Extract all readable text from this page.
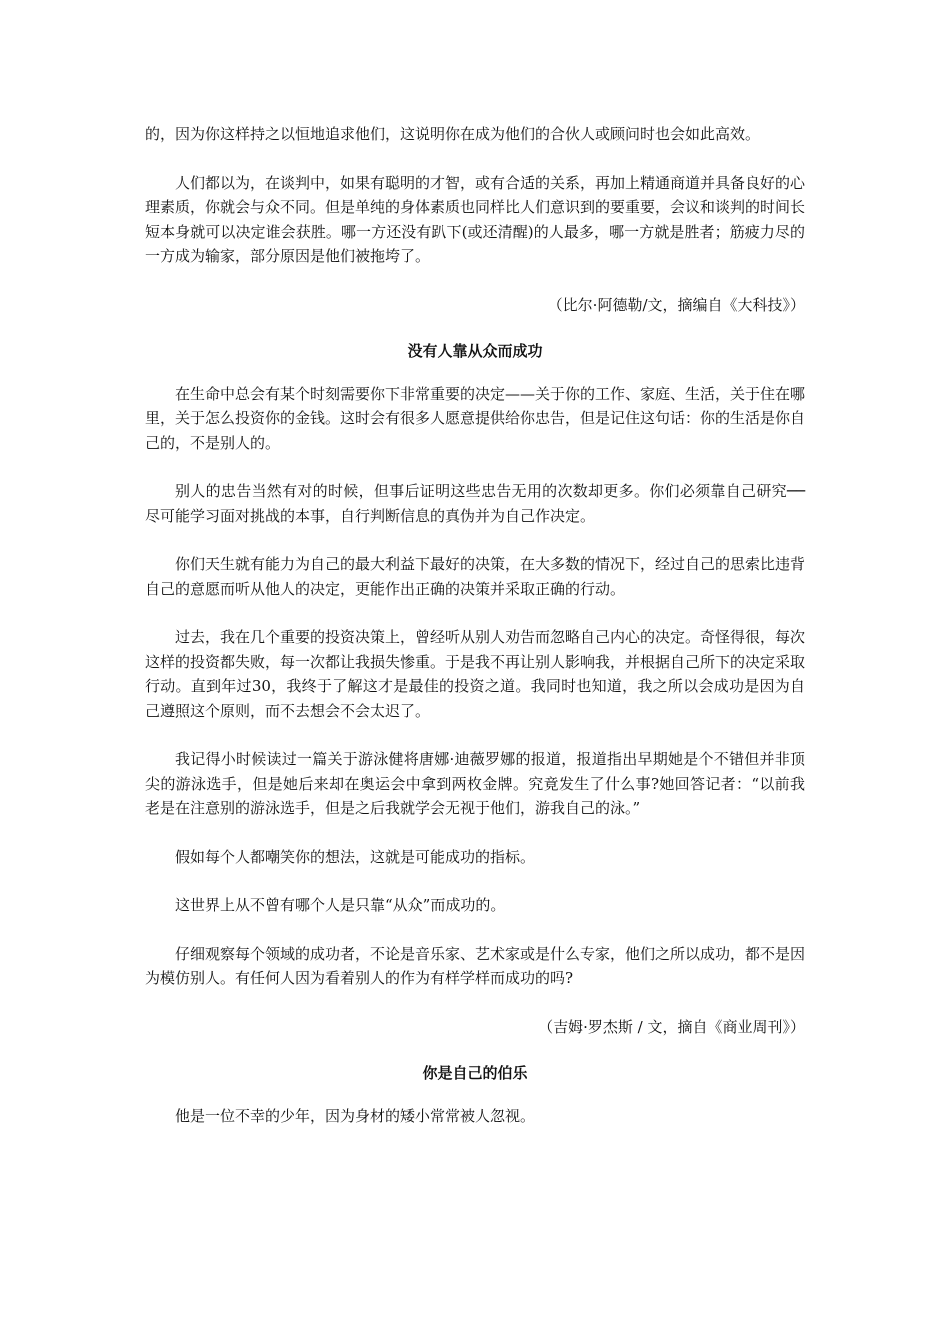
的，因为你这样持之以恒地追求他们，这说明你在成为他们的合伙人或顾问时也会如此高效。

人们都以为，在谈判中，如果有聪明的才智，或有合适的关系，再加上精通商道并具备良好的心理素质，你就会与众不同。但是单纯的身体素质也同样比人们意识到的要重要，会议和谈判的时间长短本身就可以决定谁会获胜。哪一方还没有趴下(或还清醒)的人最多，哪一方就是胜者；筋疲力尽的一方成为输家，部分原因是他们被拖垮了。

（比尔·阿德勒/文，摘编自《大科技》）

没有人靠从众而成功

在生命中总会有某个时刻需要你下非常重要的决定——关于你的工作、家庭、生活，关于住在哪里，关于怎么投资你的金钱。这时会有很多人愿意提供给你忠告，但是记住这句话：你的生活是你自己的，不是别人的。

别人的忠告当然有对的时候，但事后证明这些忠告无用的次数却更多。你们必须靠自己研究──尽可能学习面对挑战的本事，自行判断信息的真伪并为自己作决定。

你们天生就有能力为自己的最大利益下最好的决策，在大多数的情况下，经过自己的思索比违背自己的意愿而听从他人的决定，更能作出正确的决策并采取正确的行动。

过去，我在几个重要的投资决策上，曾经听从别人劝告而忽略自己内心的决定。奇怪得很，每次这样的投资都失败，每一次都让我损失惨重。于是我不再让别人影响我，并根据自己所下的决定采取行动。直到年过30，我终于了解这才是最佳的投资之道。我同时也知道，我之所以会成功是因为自己遵照这个原则，而不去想会不会太迟了。

我记得小时候读过一篇关于游泳健将唐娜·迪薇罗娜的报道，报道指出早期她是个不错但并非顶尖的游泳选手，但是她后来却在奥运会中拿到两枚金牌。究竟发生了什么事?她回答记者：“以前我老是在注意别的游泳选手，但是之后我就学会无视于他们，游我自己的泳。”

假如每个人都嘲笑你的想法，这就是可能成功的指标。

这世界上从不曾有哪个人是只靠“从众”而成功的。

仔细观察每个领域的成功者，不论是音乐家、艺术家或是什么专家，他们之所以成功，都不是因为模仿别人。有任何人因为看着别人的作为有样学样而成功的吗?

（吉姆·罗杰斯 / 文，摘自《商业周刊》）

你是自己的伯乐

他是一位不幸的少年，因为身材的矮小常常被人忽视。
